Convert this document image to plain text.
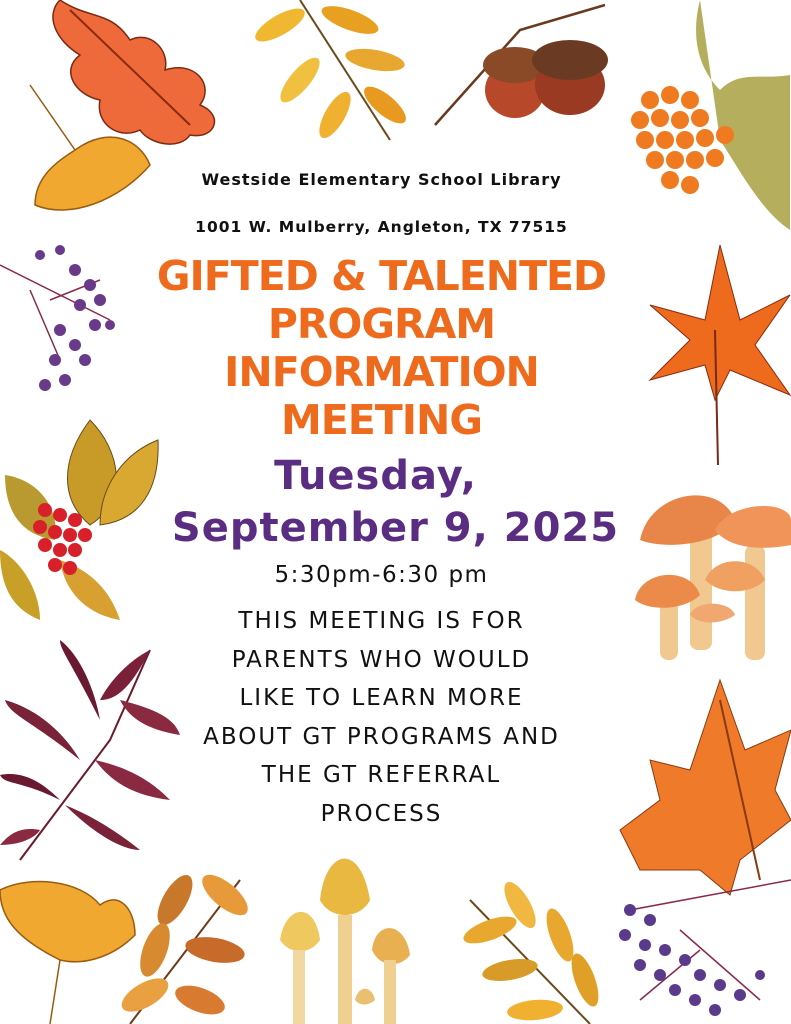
Westside Elementary School Library

1001 W. Mulberry, Angleton, TX 77515

GIFTED & TALENTED
PROGRAM
INFORMATION
MEETING

Tuesday,

September 9, 2025

5:30pm-6:30 pm

THIS MEETING IS FOR
PARENTS WHO WOULD
LIKE TO LEARN MORE
ABOUT GT PROGRAMS AND
THE GT REFERRAL
PROCESS
